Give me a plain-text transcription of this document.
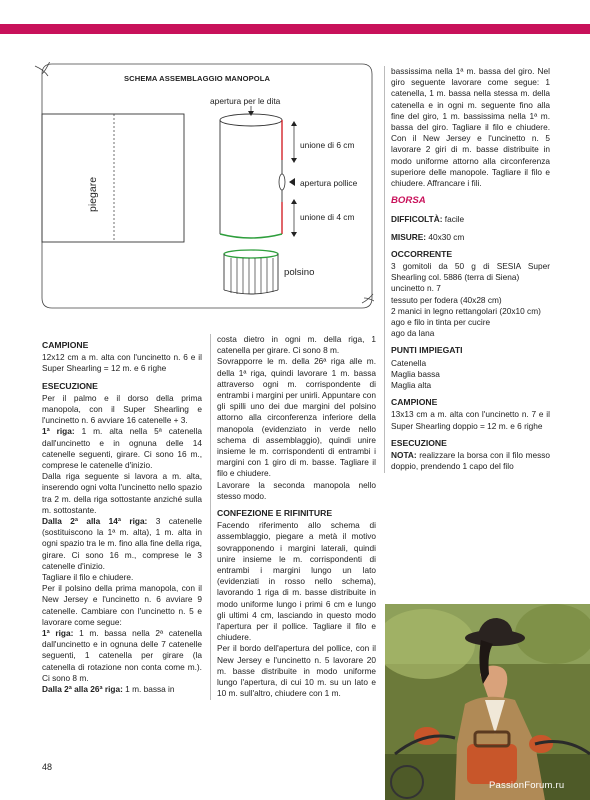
SCHEMA ASSEMBLAGGIO MANOPOLA
apertura per le dita
unione di 6 cm
apertura pollice
unione di 4 cm
polsino
piegare
CAMPIONE

12x12 cm a m. alta con l'uncinetto n. 6 e il Super Shearling = 12 m. e 6 righe

ESECUZIONE

Per il palmo e il dorso della prima manopola, con il Super Shearling e l'uncinetto n. 6 avviare 16 catenelle + 3.

1ª riga: 1 m. alta nella 5ª catenella dall'uncinetto e in ognuna delle 14 catenelle seguenti, girare. Ci sono 16 m., comprese le catenelle d'inizio.

Dalla riga seguente si lavora a m. alta, inserendo ogni volta l'uncinetto nello spazio tra 2 m. della riga sottostante anziché sulla m. sottostante.

Dalla 2ª alla 14ª riga: 3 catenelle (sostituiscono la 1ª m. alta), 1 m. alta in ogni spazio tra le m. fino alla fine della riga, girare. Ci sono 16 m., comprese le 3 catenelle d'inizio.

Tagliare il filo e chiudere.

Per il polsino della prima manopola, con il New Jersey e l'uncinetto n. 6 avviare 9 catenelle. Cambiare con l'uncinetto n. 5 e lavorare come segue:

1ª riga: 1 m. bassa nella 2ª catenella dall'uncinetto e in ognuna delle 7 catenelle seguenti, 1 catenella per girare (la catenella di rotazione non conta come m.). Ci sono 8 m.

Dalla 2ª alla 26ª riga: 1 m. bassa in

costa dietro in ogni m. della riga, 1 catenella per girare. Ci sono 8 m.

Sovrapporre le m. della 26ª riga alle m. della 1ª riga, quindi lavorare 1 m. bassa attraverso ogni m. corrispondente di entrambi i margini per unirli. Appuntare con gli spilli uno dei due margini del polsino attorno alla circonferenza inferiore della manopola (evidenziato in verde nello schema di assemblaggio), quindi unire insieme le m. corrispondenti di entrambi i margini con 1 giro di m. basse. Tagliare il filo e chiudere.

Lavorare la seconda manopola nello stesso modo.

CONFEZIONE E RIFINITURE

Facendo riferimento allo schema di assemblaggio, piegare a metà il motivo sovrapponendo i margini laterali, quindi unire insieme le m. corrispondenti di entrambi i margini lungo un lato (evidenziati in rosso nello schema), lavorando 1 riga di m. basse distribuite in modo uniforme lungo i primi 6 cm e lungo gli ultimi 4 cm, lasciando in questo modo l'apertura per il pollice. Tagliare il filo e chiudere.

Per il bordo dell'apertura del pollice, con il New Jersey e l'uncinetto n. 5 lavorare 20 m. basse distribuite in modo uniforme lungo l'apertura, di cui 10 m. su un lato e 10 m. sull'altro, chiudere con 1 m.

bassissima nella 1ª m. bassa del giro. Nel giro seguente lavorare come segue: 1 catenella, 1 m. bassa nella stessa m. della catenella e in ogni m. seguente fino alla fine del giro, 1 m. bassissima nella 1ª m. bassa del giro. Tagliare il filo e chiudere. Con il New Jersey e l'uncinetto n. 5 lavorare 2 giri di m. basse distribuite in modo uniforme attorno alla circonferenza superiore delle manopole. Tagliare il filo e chiudere. Affrancare i fili.

BORSA

DIFFICOLTÀ: facile

MISURE: 40x30 cm

OCCORRENTE

3 gomitoli da 50 g di SESIA Super Shearling col. 5886 (terra di Siena)

uncinetto n. 7

tessuto per fodera (40x28 cm)

2 manici in legno rettangolari (20x10 cm)

ago e filo in tinta per cucire

ago da lana

PUNTI IMPIEGATI

Catenella

Maglia bassa

Maglia alta

CAMPIONE

13x13 cm a m. alta con l'uncinetto n. 7 e il Super Shearling doppio = 12 m. e 6 righe

ESECUZIONE

NOTA: realizzare la borsa con il filo messo doppio, prendendo 1 capo del filo

PassionForum.ru
48
